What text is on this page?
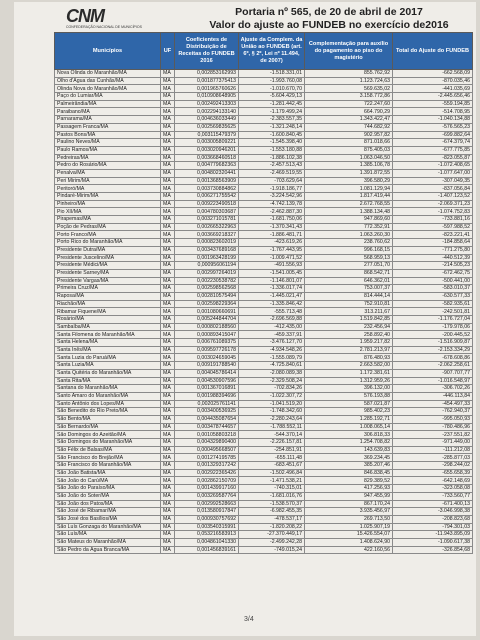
CNM
CONFEDERAÇÃO NACIONAL DE MUNICÍPIOS
Portaria nº 565, de 20 de abril de 2017
Valor do ajuste ao FUNDEB no exercício de2016
Municípios	UF	Coeficientes de Distribuição de Receitas do FUNDEB 2016	Ajuste da Complem. da União ao FUNDEB (art. 6º, § 2º, Lei nº 11.494, de 2007)	Complementação para auxílio do pagamento ao piso do magistério	Total do Ajuste do FUNDEB
Nova Olinda do Maranhão/MA	MA	0,002853162993	-1.518.331,01	855.762,92	-662.568,09
Olho d'Água das Cunhãs/MA	MA	0,001877375413	-1.993.760,08	1.123.724,63	-870.035,46
Olinda Nova do Maranhão/MA	MA	0,001965760626	-1.010.670,70	569.635,02	-441.035,69
Paço do Lumiar/MA	MA	0,010908648905	-5.604.429,13	3.158.772,86	-2.445.656,46
Palmeirândia/MA	MA	0,002492413303	-1.281.442,45	722.247,60	-559.194,85
Paraibano/MA	MA	0,002294133140	-1.179.499,24	664.790,29	-514.708,95
Parnarama/MA	MA	0,004636033449	-2.383.557,35	1.343.422,47	-1.040.134,88
Passagem Franca/MA	MA	0,002569835625	-1.321.248,14	744.682,92	-576.565,23
Pastos Bons/MA	MA	0,003115479379	-1.600.840,45	902.957,82	-699.882,64
Paulino Neves/MA	MA	0,003005809221	-1.545.398,40	871.018,66	-674.379,74
Paulo Ramos/MA	MA	0,003020946201	-1.553.180,88	875.405,03	-677.775,85
Pedreiras/MA	MA	0,003668460518	-1.886.102,38	1.063.046,50	-823.055,87
Pedro do Rosário/MA	MA	0,004779682363	-2.457.513,43	1.385.106,78	-1.072.408,65
Penalva/MA	MA	0,004802320441	-2.469.519,55	1.391.872,55	-1.077.647,00
Peri Mirim/MA	MA	0,001368563909	-703.629,64	396.580,29	-307.049,35
Peritoró/MA	MA	0,003730884862	-1.918.186,77	1.081.129,94	-837.056,84
Pindaré-Mirim/MA	MA	0,006271755542	-3.224.542,96	1.817.419,44	-1.407.123,52
Pinheiro/MA	MA	0,009223490518	-4.742.139,78	2.672.768,55	-2.069.371,23
Pio XII/MA	MA	0,004780303687	-2.462.887,30	1.388.134,48	-1.074.752,83
Pirapemas/MA	MA	0,003271015781	-1.681.750,06	947.869,60	-733.881,16
Poção de Pedras/MA	MA	0,002665322963	-1.370.341,43	772.352,91	-597.988,52
Porto Franco/MA	MA	0,003669218327	-1.886.481,71	1.063.260,30	-823.221,41
Porto Rico do Maranhão/MA	MA	0,000823602019	-423.619,26	238.760,62	-184.858,64
Presidente Dutra/MA	MA	0,003437689168	-1.767.443,95	996.168,15	-771.275,80
Presidente Juscelino/MA	MA	0,001963428199	-1.009.471,52	568.959,13	-440.512,39
Presidente Médici/MA	MA	0,000956061194	-491.556,93	277.051,70	-214.505,23
Presidente Sarney/MA	MA	0,002997264019	-1.541.005,45	868.542,71	-672.462,75
Presidente Vargas/MA	MA	0,002230538782	-1.146.801,07	646.362,01	-500.441,00
Primeira Cruz/MA	MA	0,002598562568	-1.336.017,74	753.007,37	-583.010,37
Raposa/MA	MA	0,002810575494	-1.445.021,47	814.444,14	-630.577,33
Riachão/MA	MA	0,002598229364	-1.335.846,42	752.910,81	-582.935,61
Ribamar Fiquene/MA	MA	0,001080660691	-555.713,48	313.211,67	-242.501,81
Rosário/MA	MA	0,005244844704	-2.696.569,88	1.519.842,85	-1.176.727,04
Sambaíba/MA	MA	0,000802188560	-412.435,00	232.456,94	-179.978,06
Santa Filomena do Maranhão/MA	MA	0,000893415047	-459.337,91	258.892,40	-200.445,52
Santa Helena/MA	MA	0,006761089375	-3.476.127,70	1.959.217,82	-1.516.909,87
Santa Inês/MA	MA	0,009597726178	-4.934.548,26	2.781.213,97	-2.153.334,29
Santa Luzia do Paruá/MA	MA	0,003024659045	-1.555.089,79	876.480,93	-678.608,86
Santa Luzia/MA	MA	0,009191788540	-4.725.840,61	2.663.582,00	-2.062.258,61
Santa Quitéria do Maranhão/MA	MA	0,004045786414	-2.080.089,38	1.172.381,61	-907.707,77
Santa Rita/MA	MA	0,004530907596	-2.329.508,24	1.312.959,26	-1.016.548,97
Santana do Maranhão/MA	MA	0,001367016891	-702.834,26	396.132,00	-306.702,26
Santo Amaro do Maranhão/MA	MA	0,001988394696	-1.022.307,72	576.193,88	-446.113,84
Santo Antônio dos Lopes/MA	MA	0,002025761141	-1.041.519,20	587.021,87	-454.497,33
São Benedito do Rio Preto/MA	MA	0,003400536925	-1.748.342,60	985.402,23	-762.940,37
São Bento/MA	MA	0,004435087654	-2.280.243,64	1.285.192,71	-995.050,93
São Bernardo/MA	MA	0,003478744657	-1.788.552,11	1.008.065,14	-780.486,96
São Domingos do Azeitão/MA	MA	0,001058803218	-544.370,14	306.818,33	-237.551,82
São Domingos do Maranhão/MA	MA	0,004329890400	-2.226.157,81	1.254.708,82	-971.449,00
São Félix de Balsas/MA	MA	0,000495668507	-254.851,91	143.639,83	-111.212,08
São Francisco do Brejão/MA	MA	0,001274195785	-655.111,48	369.234,45	-285.877,03
São Francisco do Maranhão/MA	MA	0,001329317242	-683.451,67	385.207,46	-298.244,02
São João Batista/MA	MA	0,002922365426	-1.502.496,84	846.838,45	-655.658,39
São João do Carú/MA	MA	0,002862150709	-1.471.538,21	829.389,52	-642.148,69
São João do Paraíso/MA	MA	0,001439917160	-740.315,01	417.256,93	-323.058,08
São João do Soter/MA	MA	0,003269587764	-1.681.016,76	947.455,99	-733.560,77
São João dos Patos/MA	MA	0,002992528663	-1.538.570,37	867.170,24	-671.400,13
São José de Ribamar/MA	MA	0,013580917847	-6.982.455,35	3.935.456,97	-3.046.998,38
São José dos Basílios/MA	MA	0,000930757692	-478.537,17	269.713,50	-208.823,68
São Luís Gonzaga do Maranhão/MA	MA	0,003540315991	-1.820.208,22	1.025.907,19	-794.301,03
São Luís/MA	MA	0,053216583913	-27.370.449,17	15.426.554,07	-11.943.895,09
São Mateus do Maranhão/MA	MA	0,004861041330	-2.499.242,28	1.408.624,90	-1.090.617,38
São Pedro da Água Branca/MA	MA	0,001456839161	-749.015,24	422.160,56	-326.854,68
3/4
